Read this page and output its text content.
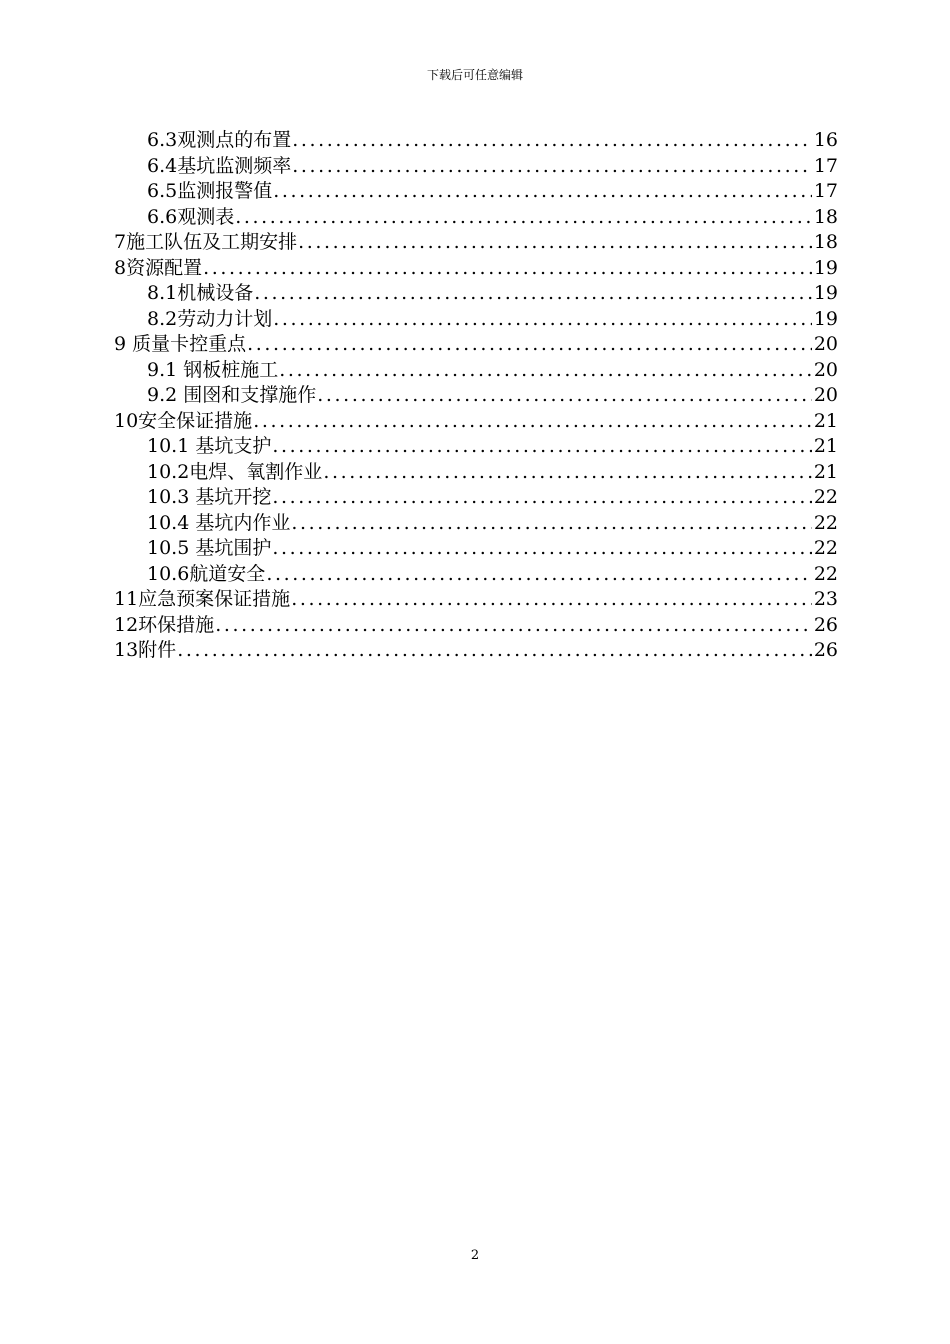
下载后可任意编辑
6.3观测点的布置 .....	16
6.4基坑监测频率 .....	17
6.5监测报警值 .....	17
6.6观测表 .....	18
7施工队伍及工期安排 .....	18
8资源配置 .....	19
8.1机械设备 .....	19
8.2劳动力计划 .....	19
9 质量卡控重点 .....	20
9.1 钢板桩施工 .....	20
9.2 围囹和支撑施作 .....	20
10安全保证措施 .....	21
10.1 基坑支护 .....	21
10.2电焊、氧割作业 .....	21
10.3 基坑开挖 .....	22
10.4 基坑内作业 .....	22
10.5 基坑围护 .....	22
10.6航道安全 .....	22
11应急预案保证措施 .....	23
12环保措施 .....	26
13附件 .....	26
2
